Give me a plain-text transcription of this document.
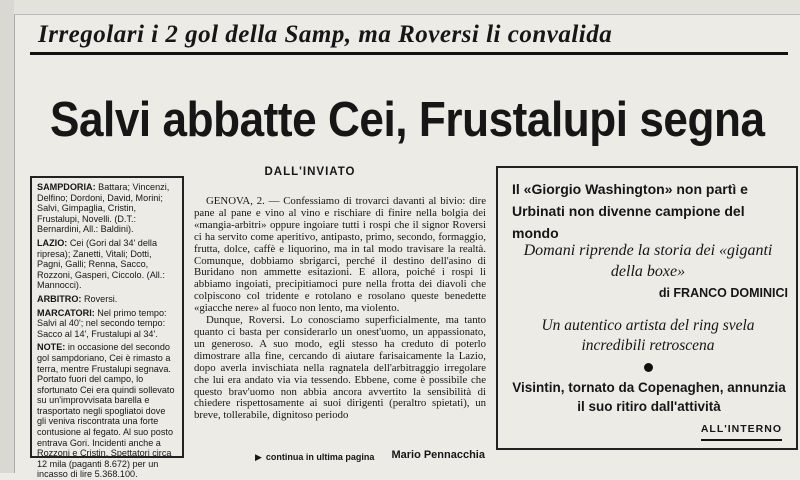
Irregolari i 2 gol della Samp, ma Roversi li convalida
Salvi abbatte Cei, Frustalupi segna

SAMPDORIA: Battara; Vincenzi, Delfino; Dordoni, David, Morini; Salvi, Gimpaglia, Cristin, Frustalupi, Novelli. (D.T.: Bernardini, All.: Baldini).

LAZIO: Cei (Gori dal 34' della ripresa); Zanetti, Vitali; Dotti, Pagni, Galli; Renna, Sacco, Rozzoni, Gasperi, Ciccolo. (All.: Mannocci).

ARBITRO: Roversi.

MARCATORI: Nel primo tempo: Salvi al 40'; nel secondo tempo: Sacco al 14', Frustalupi al 34'.

NOTE: in occasione del secondo gol sampdoriano, Cei è rimasto a terra, mentre Frustalupi segnava. Portato fuori del campo, lo sfortunato Cei era quindi sollevato su un'improvvisata barella e trasportato negli spogliatoi dove gli veniva riscontrata una forte contusione al fegato. Al suo posto entrava Gori. Incidenti anche a Rozzoni e Cristin. Spettatori circa 12 mila (paganti 8.672) per un incasso di lire 5.368.100.

DALL'INVIATO

GENOVA, 2. — Confessiamo di trovarci davanti al bivio: dire pane al pane e vino al vino e rischiare di finire nella bolgia dei «mangia-arbitri» oppure ingoiare tutti i rospi che il signor Roversi ci ha servito come aperitivo, antipasto, primo, secondo, formaggio, frutta, dolce, caffè e liquorino, ma in tal modo travisare la realtà. Comunque, dobbiamo sbrigarci, perché il destino dell'asino di Buridano non ammette esitazioni. E allora, poiché i rospi li abbiamo ingoiati, precipitiamoci pure nella frotta dei diavoli che colpiscono col tridente e rotolano e rosolano queste benedette «giacche nere» al fuoco non lento, ma violento.

Dunque, Roversi. Lo conosciamo superficialmente, ma tanto quanto ci basta per considerarlo un onest'uomo, un appassionato, un generoso. A suo modo, egli stesso ha creduto di poterlo dimostrare alla fine, cercando di aiutare farisaicamente la Lazio, dopo averla invischiata nella ragnatela dell'arbitraggio irregolare che lui era andato via via tessendo. Ebbene, come è possibile che questo brav'uomo non abbia ancora avvertito la sensibilità di chiedere rispettosamente ai suoi dirigenti (peraltro spietati), un breve, tollerabile, dignitoso periodo

▶ continua in ultima pagina	Mario Pennacchia
Il «Giorgio Washington» non partì e Urbinati non divenne campione del mondo
Domani riprende la storia dei «giganti della boxe»
di FRANCO DOMINICI
Un autentico artista del ring svela incredibili retroscena
Visintin, tornato da Copenaghen, annunzia il suo ritiro dall'attività
ALL'INTERNO
